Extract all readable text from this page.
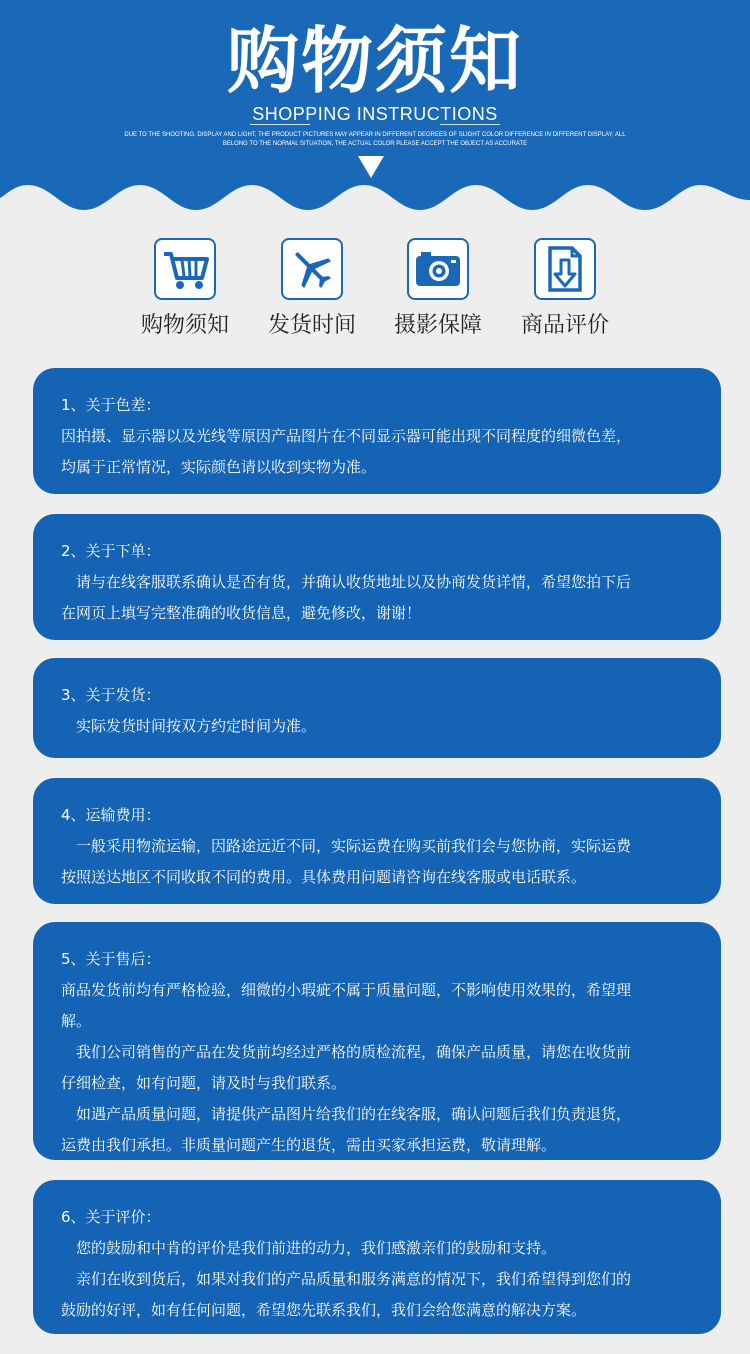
购物须知
SHOPPING INSTRUCTIONS
DUE TO THE SHOOTING, DISPLAY AND LIGHT, THE PRODUCT PICTURES MAY APPEAR IN DIFFERENT DEGREES OF SLIGHT COLOR DIFFERENCE IN DIFFERENT DISPLAY, ALL
BELONG TO THE NORMAL SITUATION, THE ACTUAL COLOR PLEASE ACCEPT THE OBJECT AS ACCURATE
购物须知	发货时间	摄影保障	商品评价
1、关于色差：
因拍摄、显示器以及光线等原因产品图片在不同显示器可能出现不同程度的细微色差，
均属于正常情况，实际颜色请以收到实物为准。
2、关于下单：
　请与在线客服联系确认是否有货，并确认收货地址以及协商发货详情，希望您拍下后
在网页上填写完整准确的收货信息，避免修改，谢谢！
3、关于发货：
　实际发货时间按双方约定时间为准。
4、运输费用：
　一般采用物流运输，因路途远近不同，实际运费在购买前我们会与您协商，实际运费
按照送达地区不同收取不同的费用。具体费用问题请咨询在线客服或电话联系。
5、关于售后：
商品发货前均有严格检验，细微的小瑕疵不属于质量问题，不影响使用效果的，希望理
解。
　我们公司销售的产品在发货前均经过严格的质检流程，确保产品质量，请您在收货前
仔细检查，如有问题，请及时与我们联系。
　如遇产品质量问题，请提供产品图片给我们的在线客服，确认问题后我们负责退货，
运费由我们承担。非质量问题产生的退货，需由买家承担运费，敬请理解。
6、关于评价：
　您的鼓励和中肯的评价是我们前进的动力，我们感激亲们的鼓励和支持。
　亲们在收到货后，如果对我们的产品质量和服务满意的情况下，我们希望得到您们的
鼓励的好评，如有任何问题，希望您先联系我们，我们会给您满意的解决方案。
